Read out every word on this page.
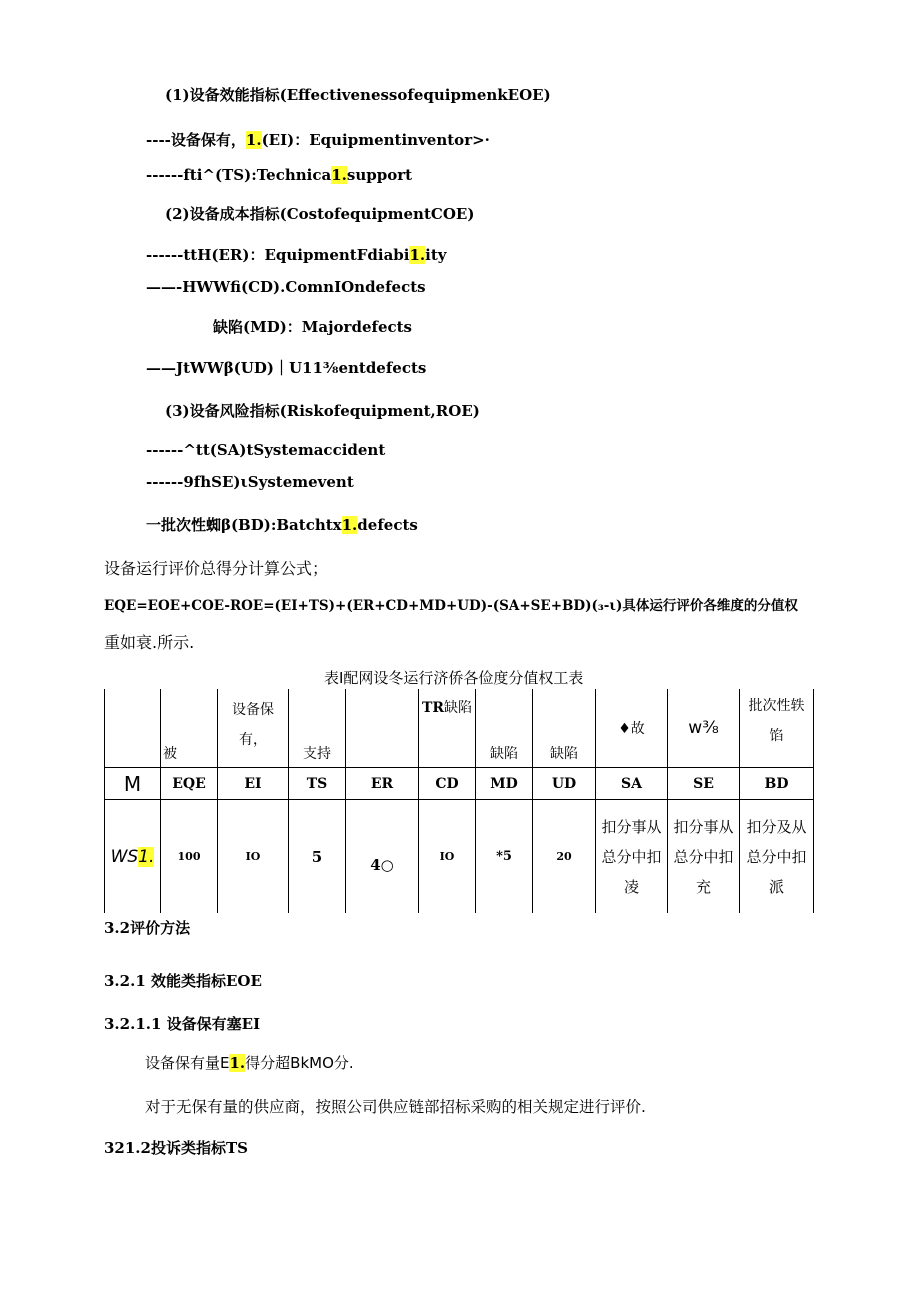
(1)设备效能指标(EffectivenessofequipmenkEOE)
----设备保有，1.(EI)：Equipmentinventor>·
------fti^(TS):Technica1.support
(2)设备成本指标(CostofequipmentCOE)
------ttH(ER)：EquipmentFdiabi1.ity
——-HWWfi(CD).ComnIOndefects
缺陷(MD)：Majordefects
——JtWWβ(UD)｜U11⅜entdefects
(3)设备风险指标(Riskofequipment,ROE)
------^tt(SA)tSystemaccident
------9fhSE)ιSystemevent
一批次性蜘β(BD):Batchtx1.defects
设备运行评价总得分计算公式；
EQE=EOE+COE-ROE=(EI+TS)+(ER+CD+MD+UD)-(SA+SE+BD)(₃-ι)具体运行评价各维度的分值权
重如衰.所示.
表I配网设冬运行济侨各俭度分值权工表
	被	设备保有，	支持		TR缺陷	缺陷	缺陷	♦故	w⅜	批次性轶馅

M	EQE	EI	TS	ER	CD	MD	UD	SA	SE	BD
WS1.	100	IO	5	4○	IO	*5	20	扣分事从总分中扣凌	扣分事从总分中扣充	扣分及从总分中扣派
3.2评价方法
3.2.1 效能类指标EOE
3.2.1.1 设备保有塞EI
设备保有量E1.得分超BkMO分.
对于无保有量的供应商，按照公司供应链部招标采购的相关规定进行评价.
321.2投诉类指标TS
